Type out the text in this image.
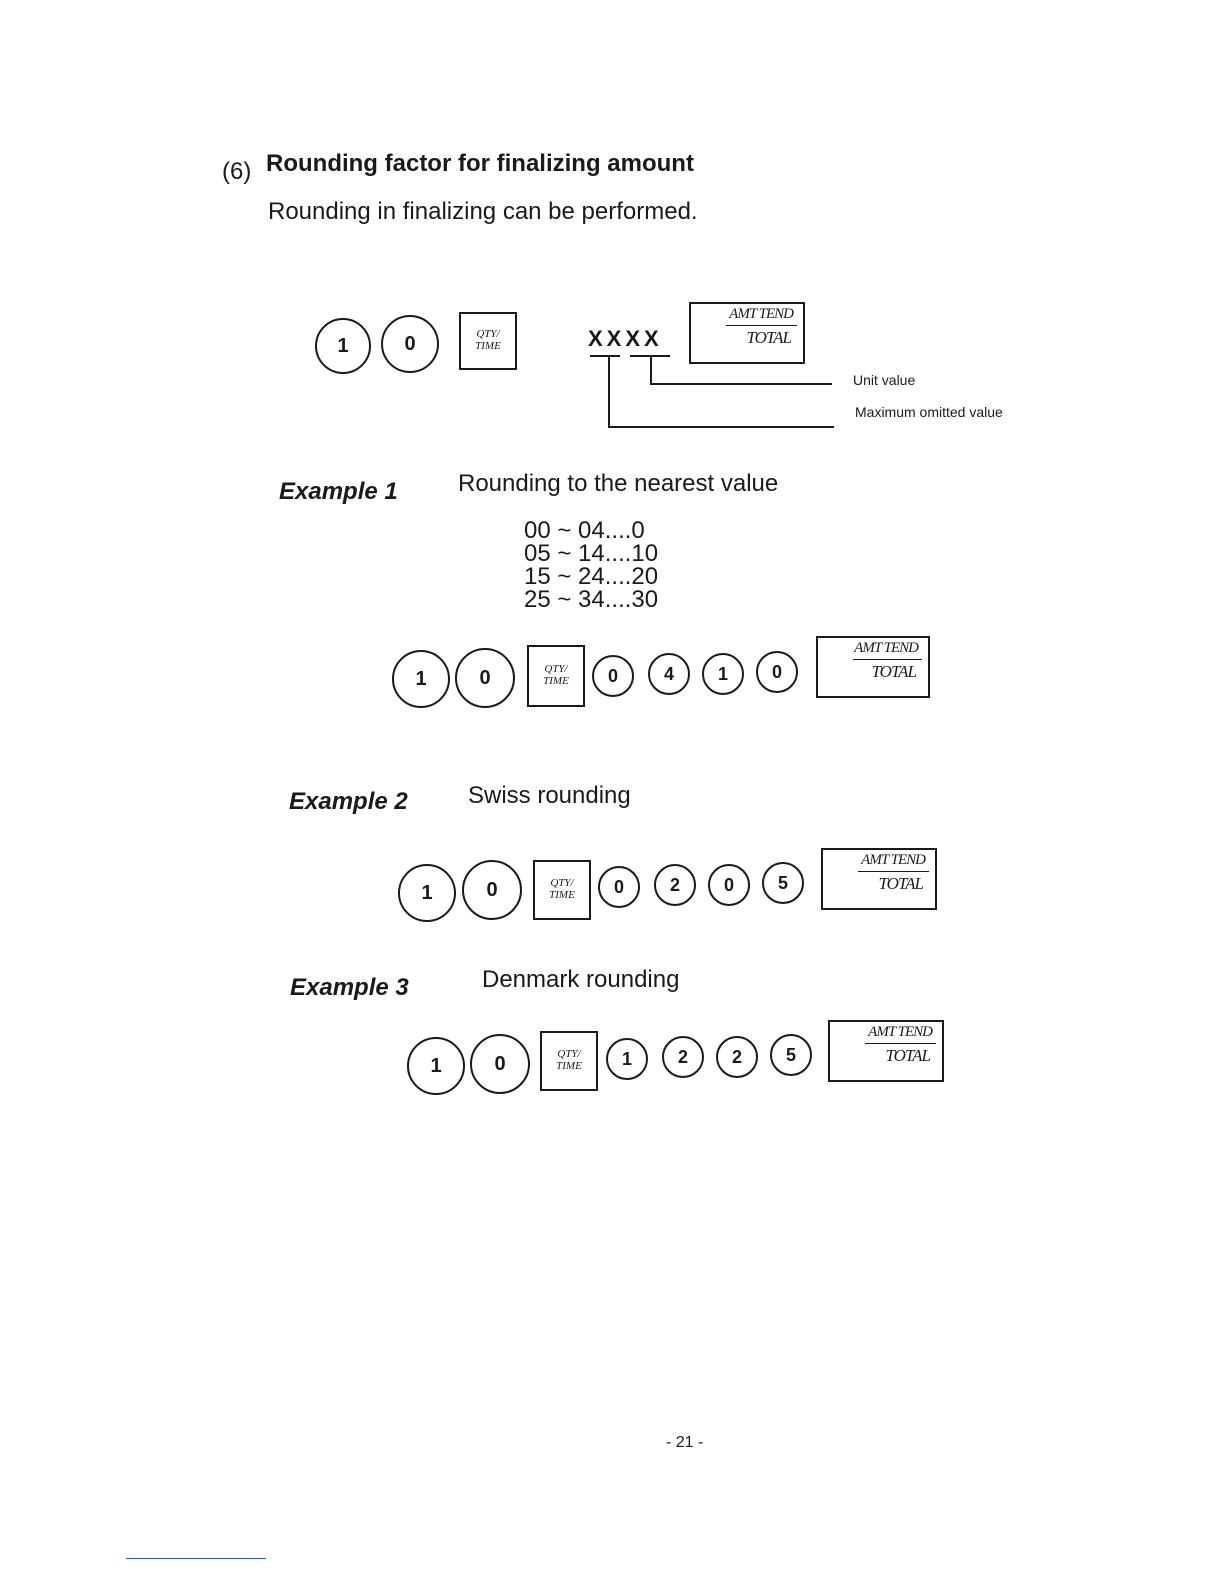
(6) Rounding factor for finalizing amount
Rounding in finalizing can be performed.
1	0	QTY/
TIME	XXXX
AMT TEND
TOTAL
Unit value
Maximum omitted value
Example 1	Rounding to the nearest value
00 ~ 04....0
05 ~ 14....10
15 ~ 24....20
25 ~ 34....30
1	0	QTY/
TIME	0	4	1	0
AMT TEND
TOTAL
Example 2	Swiss rounding
1	0	QTY/
TIME	0	2	0	5
AMT TEND
TOTAL
Example 3	Denmark rounding
1	0	QTY/
TIME	1	2	2	5
AMT TEND
TOTAL
- 21 -
